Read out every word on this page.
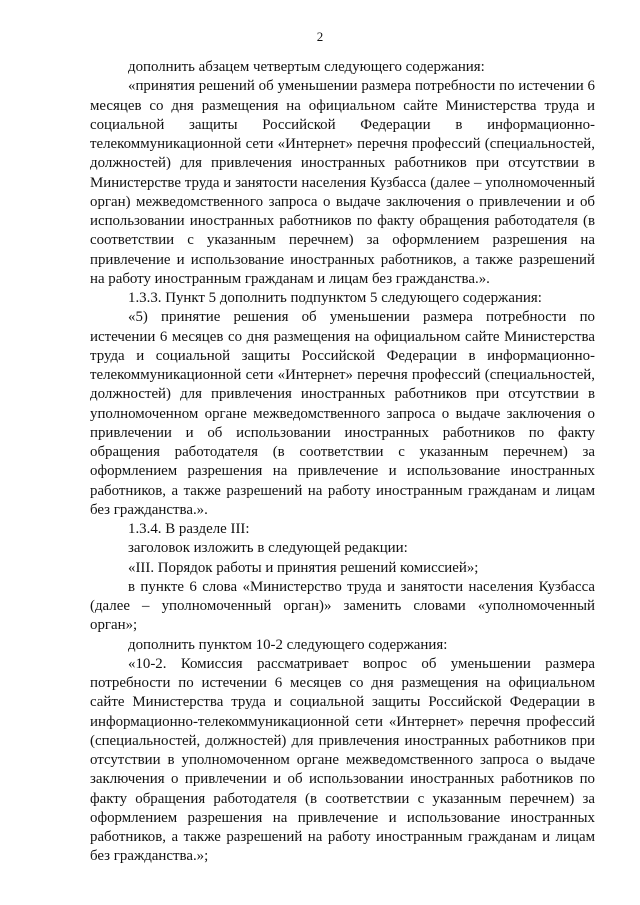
2

дополнить абзацем четвертым следующего содержания:

«принятия решений об уменьшении размера потребности по истечении 6 месяцев со дня размещения на официальном сайте Министерства труда и социальной защиты Российской Федерации в информационно-телекоммуникационной сети «Интернет» перечня профессий (специальностей, должностей) для привлечения иностранных работников при отсутствии в Министерстве труда и занятости населения Кузбасса (далее – уполномоченный орган) межведомственного запроса о выдаче заключения о привлечении и об использовании иностранных работников по факту обращения работодателя (в соответствии с указанным перечнем) за оформлением разрешения на привлечение и использование иностранных работников, а также разрешений на работу иностранным гражданам и лицам без гражданства.».

1.3.3. Пункт 5 дополнить подпунктом 5 следующего содержания:

«5) принятие решения об уменьшении размера потребности по истечении 6 месяцев со дня размещения на официальном сайте Министерства труда и социальной защиты Российской Федерации в информационно-телекоммуникационной сети «Интернет» перечня профессий (специальностей, должностей) для привлечения иностранных работников при отсутствии в уполномоченном органе межведомственного запроса о выдаче заключения о привлечении и об использовании иностранных работников по факту обращения работодателя (в соответствии с указанным перечнем) за оформлением разрешения на привлечение и использование иностранных работников, а также разрешений на работу иностранным гражданам и лицам без гражданства.».

1.3.4. В разделе III:

заголовок изложить в следующей редакции:

«III. Порядок работы и принятия решений комиссией»;

в пункте 6 слова «Министерство труда и занятости населения Кузбасса (далее – уполномоченный орган)» заменить словами «уполномоченный орган»;

дополнить пунктом 10-2 следующего содержания:

«10-2. Комиссия рассматривает вопрос об уменьшении размера потребности по истечении 6 месяцев со дня размещения на официальном сайте Министерства труда и социальной защиты Российской Федерации в информационно-телекоммуникационной сети «Интернет» перечня профессий (специальностей, должностей) для привлечения иностранных работников при отсутствии в уполномоченном органе межведомственного запроса о выдаче заключения о привлечении и об использовании иностранных работников по факту обращения работодателя (в соответствии с указанным перечнем) за оформлением разрешения на привлечение и использование иностранных работников, а также разрешений на работу иностранным гражданам и лицам без гражданства.»;
